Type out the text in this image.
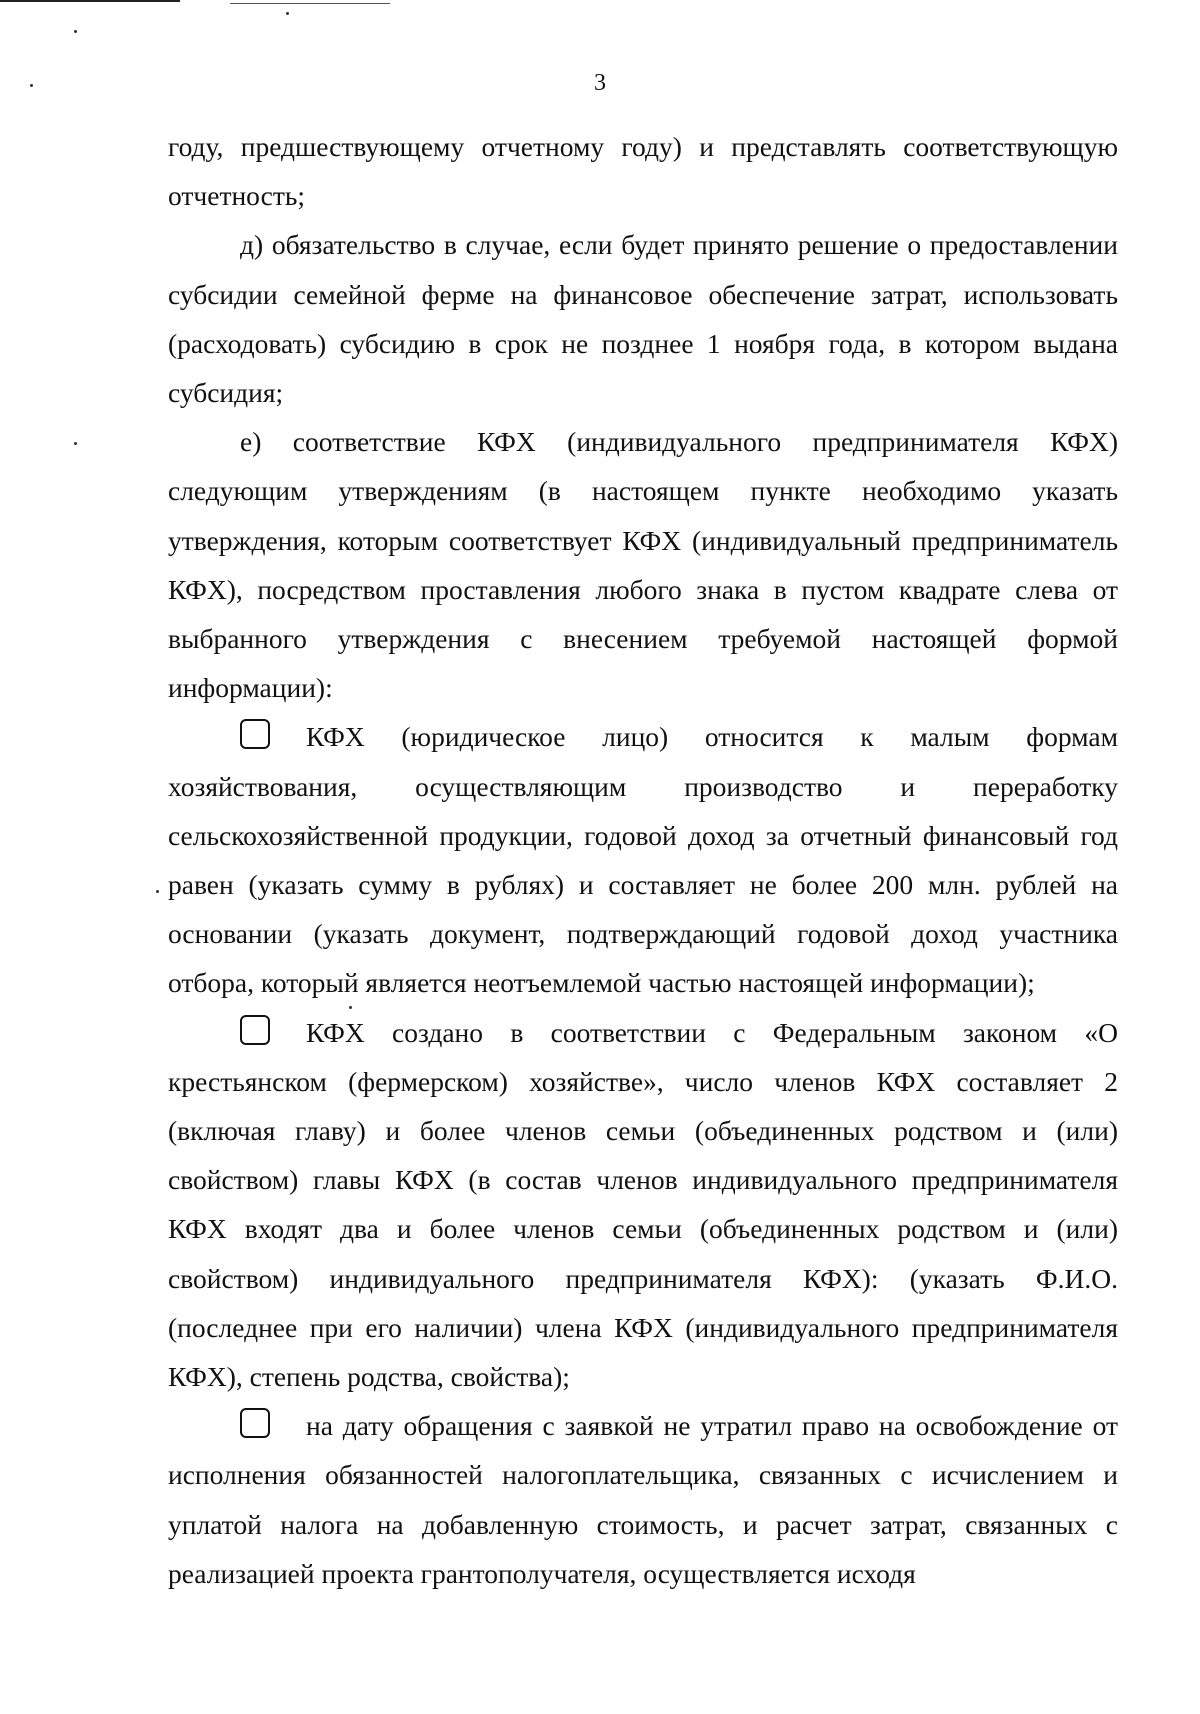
3

году, предшествующему отчетному году) и представлять соответствующую отчетность;

д) обязательство в случае, если будет принято решение о предоставлении субсидии семейной ферме на финансовое обеспечение затрат, использовать (расходовать) субсидию в срок не позднее 1 ноября года, в котором выдана субсидия;

е) соответствие КФХ (индивидуального предпринимателя КФХ) следующим утверждениям (в настоящем пункте необходимо указать утверждения, которым соответствует КФХ (индивидуальный предприниматель КФХ), посредством проставления любого знака в пустом квадрате слева от выбранного утверждения с внесением требуемой настоящей формой информации):

КФХ (юридическое лицо) относится к малым формам хозяйствования, осуществляющим производство и переработку сельскохозяйственной продукции, годовой доход за отчетный финансовый год равен (указать сумму в рублях) и составляет не более 200 млн. рублей на основании (указать документ, подтверждающий годовой доход участника отбора, который является неотъемлемой частью настоящей информации);

КФХ создано в соответствии с Федеральным законом «О крестьянском (фермерском) хозяйстве», число членов КФХ составляет 2 (включая главу) и более членов семьи (объединенных родством и (или) свойством) главы КФХ (в состав членов индивидуального предпринимателя КФХ входят два и более членов семьи (объединенных родством и (или) свойством) индивидуального предпринимателя КФХ): (указать Ф.И.О. (последнее при его наличии) члена КФХ (индивидуального предпринимателя КФХ), степень родства, свойства);

на дату обращения с заявкой не утратил право на освобождение от исполнения обязанностей налогоплательщика, связанных с исчислением и уплатой налога на добавленную стоимость, и расчет затрат, связанных с реализацией проекта грантополучателя, осуществляется исходя
